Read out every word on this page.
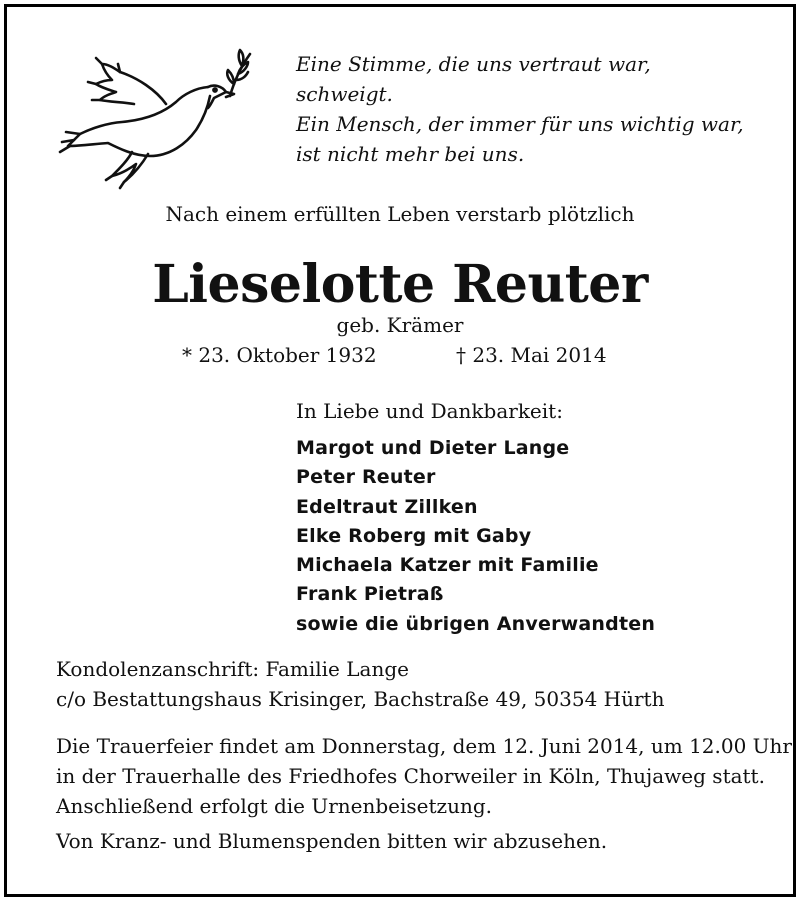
Eine Stimme, die uns vertraut war,
schweigt.
Ein Mensch, der immer für uns wichtig war,
ist nicht mehr bei uns.
Nach einem erfüllten Leben verstarb plötzlich
Lieselotte Reuter
geb. Krämer
* 23. Oktober 1932	† 23. Mai 2014
In Liebe und Dankbarkeit:
Margot und Dieter Lange
Peter Reuter
Edeltraut Zillken
Elke Roberg mit Gaby
Michaela Katzer mit Familie
Frank Pietraß
sowie die übrigen Anverwandten
Kondolenzanschrift: Familie Lange
c/o Bestattungshaus Krisinger, Bachstraße 49, 50354 Hürth
Die Trauerfeier findet am Donnerstag, dem 12. Juni 2014, um 12.00 Uhr
in der Trauerhalle des Friedhofes Chorweiler in Köln, Thujaweg statt.
Anschließend erfolgt die Urnenbeisetzung.
Von Kranz- und Blumenspenden bitten wir abzusehen.
